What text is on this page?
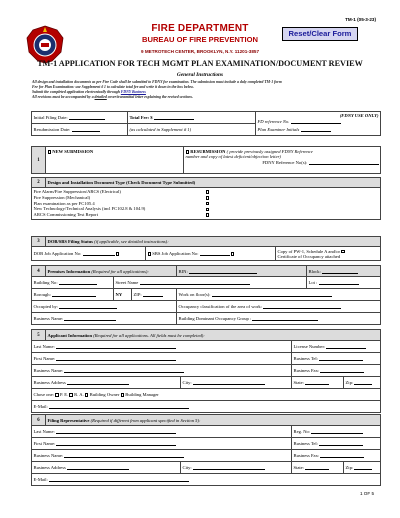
FIRE DEPARTMENT
BUREAU OF FIRE PREVENTION
9 METROTECH CENTER, BROOKLYN, N.Y. 11201-3857
TM-1 (05-3-23)
Reset/Clear Form
TM-1 APPLICATION FOR TECH MGMT PLAN EXAMINATION/DOCUMENT REVIEW
General Instructions
All design and installation documents as per Fire Code shall be submitted to FDNY for examination. The submission must include a duly completed TM-1 form
Fee for Plan Examination: use Supplement # 1 to calculate total fee and write it down in the box below.
Submit the completed application electronically through FDNY Business
All revisions must be accompanied by a detailed cover/transmittal letter explaining the revised sections.
Initial Filing Date:	Total Fee: $	(FDNY USE ONLY)
FD reference No.
Plan Examiner Initials

Resubmission Date:	(as calculated in Supplement # 1)	
1	NEW SUBMISSION	RESUBMISSION ( provide previously assigned FDNY Reference
number and copy of latest deficient/objection letter)
FDNY Reference No(s):
2	Design and Installation Document Type (Check Document Type Submitted)

Fire Alarm/Fire Suppression/ARCS (Electrical)
Fire Suppression (Mechanical)
Plan examination as per FC105.4
New Technology/Technical Analysis (incl FC102.8 & 104.9)
ARCS Commissioning Test Report
3	DOB/SBS Filing Status (if applicable, see detailed instructions):		
DOB Job Application No:		SBS Job Application No:	Copy of PW-1, Schedule A and/or
Certificate of Occupancy attached
4	Premises Information (Required for all applications):			BIN:	Block:
Building No:		Street Name			Lot :
Borough:		NY	ZIP:	Work on floor(s):	
Occupied by:				Occupancy classification of the area of work:	
Business Name:				Building Dominant Occupancy Group :	
5	Applicant Information (Required for all applications. All fields must be completed):			
Last Name:			License Number:	
First Name:			Business Tel:	
Business Name:			Business Fax:	
Business Address		City:	State:	Zip:
Chose one: P. E. R. A. Building Owner Building Manager				
E-Mail:				
6	Filing Representative (Required if different from applicant specified in Section 5):			
Last Name:			Reg. No:	
First Name:			Business Tel:	
Business Name:			Business Fax:	
Business Address		City:	State:	Zip:
E-Mail:				
1 OF 5
